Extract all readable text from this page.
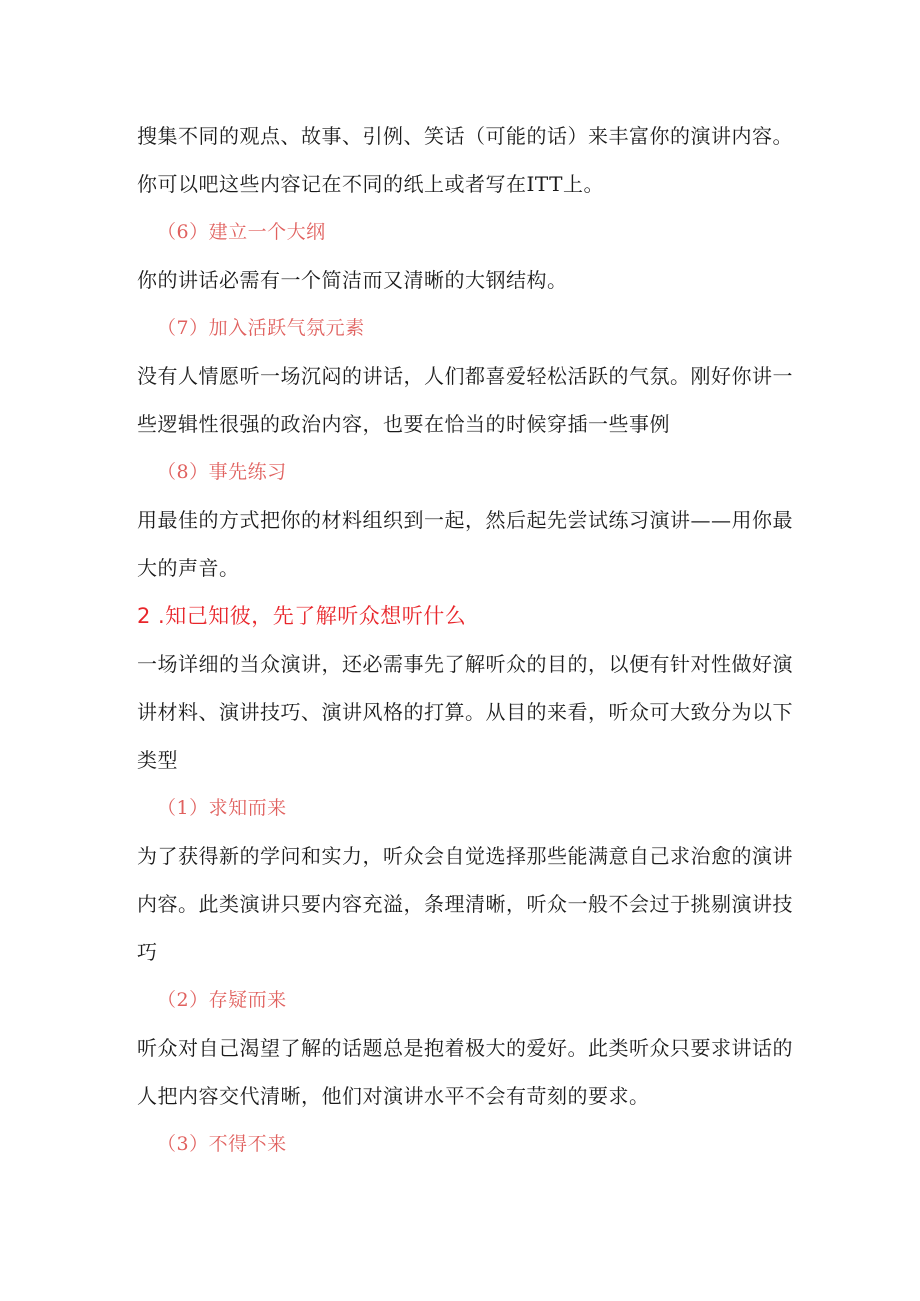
搜集不同的观点、故事、引例、笑话（可能的话）来丰富你的演讲内容。你可以吧这些内容记在不同的纸上或者写在ITT上。

（6）建立一个大纲

你的讲话必需有一个简洁而又清晰的大钢结构。

（7）加入活跃气氛元素

没有人情愿听一场沉闷的讲话，人们都喜爱轻松活跃的气氛。刚好你讲一些逻辑性很强的政治内容，也要在恰当的时候穿插一些事例

（8）事先练习

用最佳的方式把你的材料组织到一起，然后起先尝试练习演讲——用你最大的声音。

2 .知己知彼，先了解听众想听什么

一场详细的当众演讲，还必需事先了解听众的目的，以便有针对性做好演讲材料、演讲技巧、演讲风格的打算。从目的来看，听众可大致分为以下类型

（1）求知而来

为了获得新的学问和实力，听众会自觉选择那些能满意自己求治愈的演讲内容。此类演讲只要内容充溢，条理清晰，听众一般不会过于挑剔演讲技巧

（2）存疑而来

听众对自己渴望了解的话题总是抱着极大的爱好。此类听众只要求讲话的人把内容交代清晰，他们对演讲水平不会有苛刻的要求。

（3）不得不来
